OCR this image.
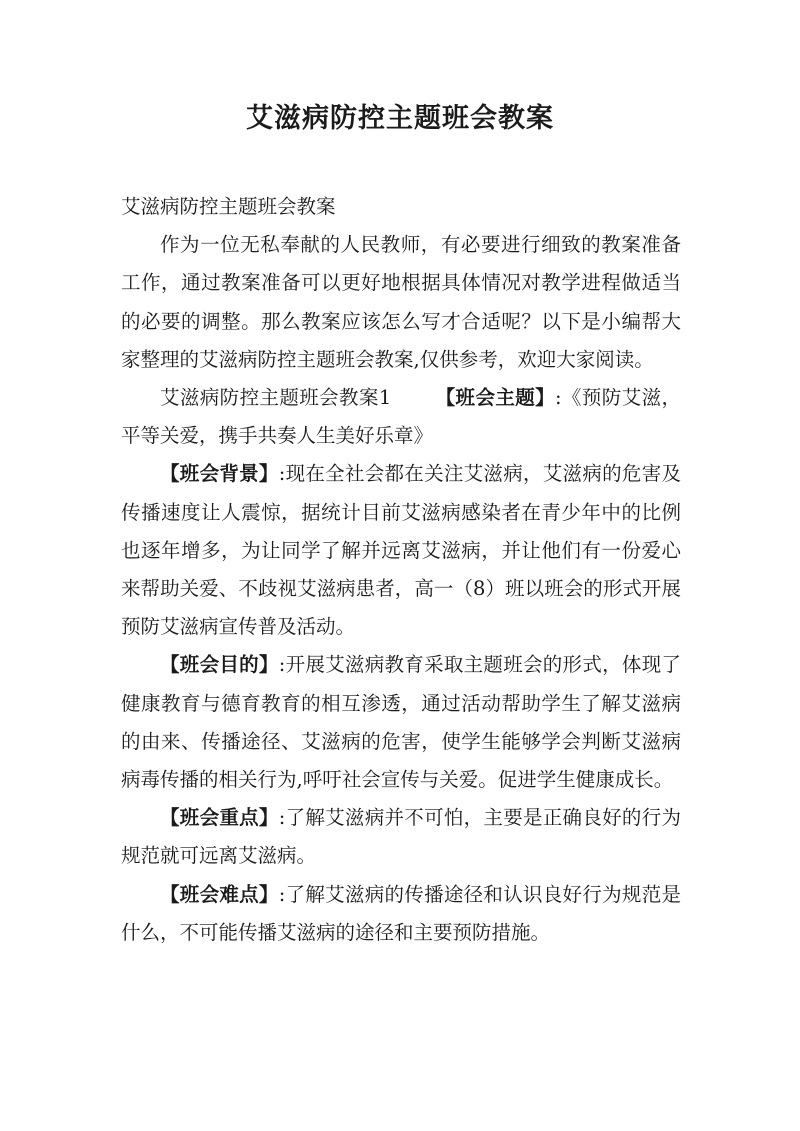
艾滋病防控主题班会教案

艾滋病防控主题班会教案

作为一位无私奉献的人民教师，有必要进行细致的教案准备工作，通过教案准备可以更好地根据具体情况对教学进程做适当的必要的调整。那么教案应该怎么写才合适呢？以下是小编帮大家整理的艾滋病防控主题班会教案,仅供参考，欢迎大家阅读。

艾滋病防控主题班会教案1 【班会主题】:《预防艾滋，平等关爱，携手共奏人生美好乐章》

【班会背景】:现在全社会都在关注艾滋病，艾滋病的危害及传播速度让人震惊，据统计目前艾滋病感染者在青少年中的比例也逐年增多，为让同学了解并远离艾滋病，并让他们有一份爱心来帮助关爱、不歧视艾滋病患者，高一（8）班以班会的形式开展预防艾滋病宣传普及活动。

【班会目的】:开展艾滋病教育采取主题班会的形式，体现了健康教育与德育教育的相互渗透，通过活动帮助学生了解艾滋病的由来、传播途径、艾滋病的危害，使学生能够学会判断艾滋病病毒传播的相关行为,呼吁社会宣传与关爱。促进学生健康成长。

【班会重点】:了解艾滋病并不可怕，主要是正确良好的行为规范就可远离艾滋病。

【班会难点】:了解艾滋病的传播途径和认识良好行为规范是什么，不可能传播艾滋病的途径和主要预防措施。
